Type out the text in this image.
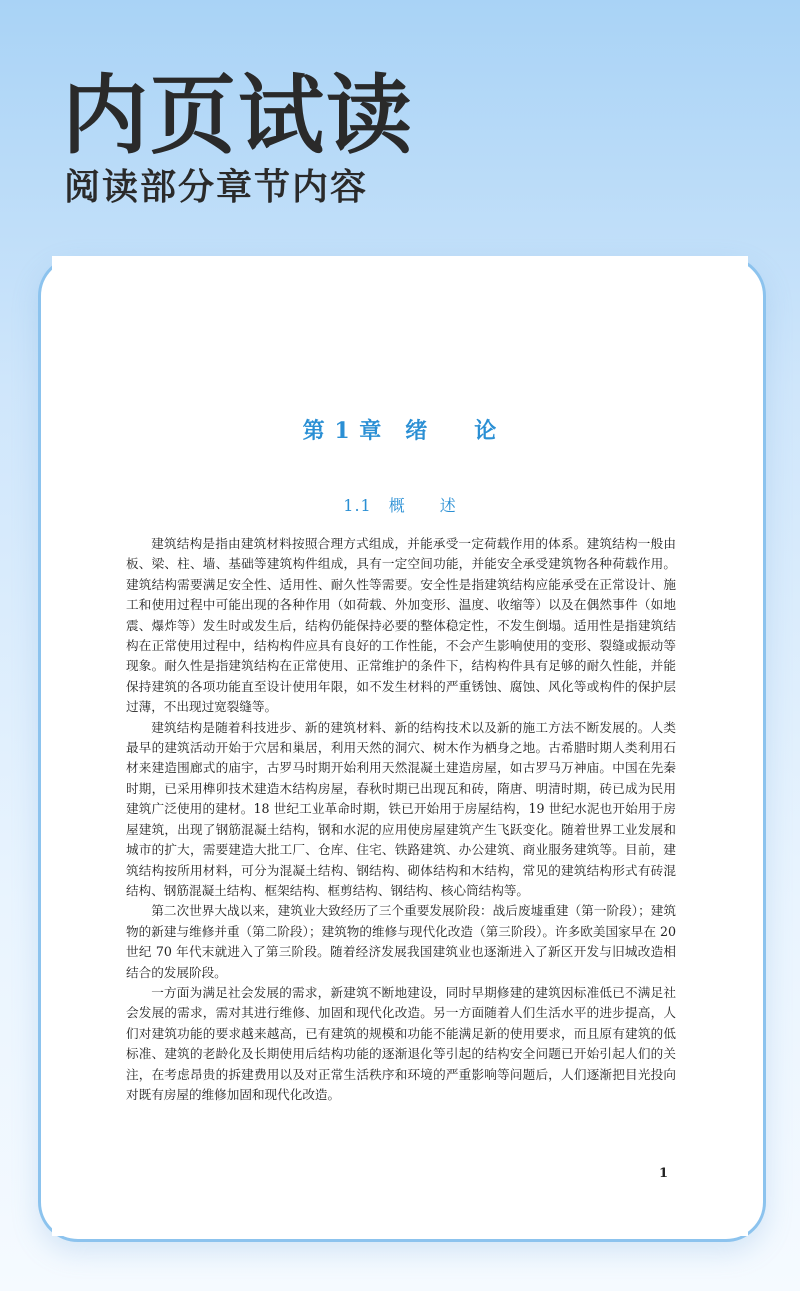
内页试读
阅读部分章节内容
第 1 章　绪　　论
1.1　概　　述

建筑结构是指由建筑材料按照合理方式组成，并能承受一定荷载作用的体系。建筑结构一般由板、梁、柱、墙、基础等建筑构件组成，具有一定空间功能，并能安全承受建筑物各种荷载作用。建筑结构需要满足安全性、适用性、耐久性等需要。安全性是指建筑结构应能承受在正常设计、施工和使用过程中可能出现的各种作用（如荷载、外加变形、温度、收缩等）以及在偶然事件（如地震、爆炸等）发生时或发生后，结构仍能保持必要的整体稳定性，不发生倒塌。适用性是指建筑结构在正常使用过程中，结构构件应具有良好的工作性能，不会产生影响使用的变形、裂缝或振动等现象。耐久性是指建筑结构在正常使用、正常维护的条件下，结构构件具有足够的耐久性能，并能保持建筑的各项功能直至设计使用年限，如不发生材料的严重锈蚀、腐蚀、风化等或构件的保护层过薄，不出现过宽裂缝等。

建筑结构是随着科技进步、新的建筑材料、新的结构技术以及新的施工方法不断发展的。人类最早的建筑活动开始于穴居和巢居，利用天然的洞穴、树木作为栖身之地。古希腊时期人类利用石材来建造围廊式的庙宇，古罗马时期开始利用天然混凝土建造房屋，如古罗马万神庙。中国在先秦时期，已采用榫卯技术建造木结构房屋，春秋时期已出现瓦和砖，隋唐、明清时期，砖已成为民用建筑广泛使用的建材。18 世纪工业革命时期，铁已开始用于房屋结构，19 世纪水泥也开始用于房屋建筑，出现了钢筋混凝土结构，钢和水泥的应用使房屋建筑产生飞跃变化。随着世界工业发展和城市的扩大，需要建造大批工厂、仓库、住宅、铁路建筑、办公建筑、商业服务建筑等。目前，建筑结构按所用材料，可分为混凝土结构、钢结构、砌体结构和木结构，常见的建筑结构形式有砖混结构、钢筋混凝土结构、框架结构、框剪结构、钢结构、核心筒结构等。

第二次世界大战以来，建筑业大致经历了三个重要发展阶段：战后废墟重建（第一阶段）；建筑物的新建与维修并重（第二阶段）；建筑物的维修与现代化改造（第三阶段）。许多欧美国家早在 20 世纪 70 年代末就进入了第三阶段。随着经济发展我国建筑业也逐渐进入了新区开发与旧城改造相结合的发展阶段。

一方面为满足社会发展的需求，新建筑不断地建设，同时早期修建的建筑因标准低已不满足社会发展的需求，需对其进行维修、加固和现代化改造。另一方面随着人们生活水平的进步提高，人们对建筑功能的要求越来越高，已有建筑的规模和功能不能满足新的使用要求，而且原有建筑的低标准、建筑的老龄化及长期使用后结构功能的逐渐退化等引起的结构安全问题已开始引起人们的关注，在考虑昂贵的拆建费用以及对正常生活秩序和环境的严重影响等问题后，人们逐渐把目光投向对既有房屋的维修加固和现代化改造。

1
